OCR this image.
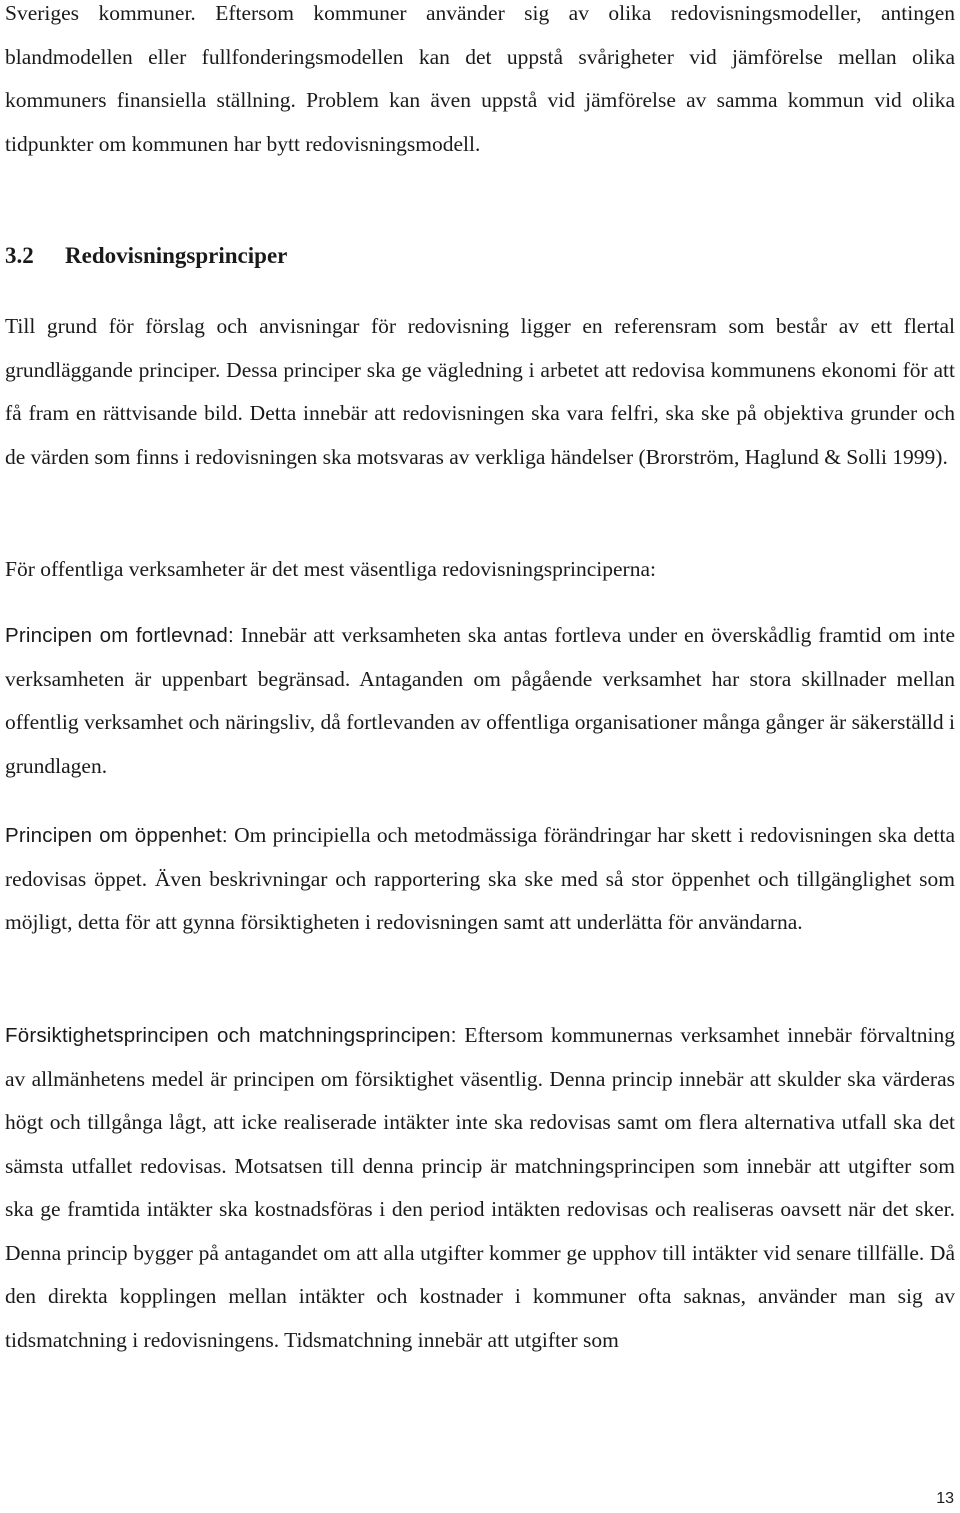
Sveriges kommuner. Eftersom kommuner använder sig av olika redovisningsmodeller, antingen blandmodellen eller fullfonderingsmodellen kan det uppstå svårigheter vid jämförelse mellan olika kommuners finansiella ställning. Problem kan även uppstå vid jämförelse av samma kommun vid olika tidpunkter om kommunen har bytt redovisningsmodell.

3.2 Redovisningsprinciper

Till grund för förslag och anvisningar för redovisning ligger en referensram som består av ett flertal grundläggande principer. Dessa principer ska ge vägledning i arbetet att redovisa kommunens ekonomi för att få fram en rättvisande bild. Detta innebär att redovisningen ska vara felfri, ska ske på objektiva grunder och de värden som finns i redovisningen ska motsvaras av verkliga händelser (Brorström, Haglund & Solli 1999).

För offentliga verksamheter är det mest väsentliga redovisningsprinciperna:

Principen om fortlevnad: Innebär att verksamheten ska antas fortleva under en överskådlig framtid om inte verksamheten är uppenbart begränsad. Antaganden om pågående verksamhet har stora skillnader mellan offentlig verksamhet och näringsliv, då fortlevanden av offentliga organisationer många gånger är säkerställd i grundlagen.

Principen om öppenhet: Om principiella och metodmässiga förändringar har skett i redovisningen ska detta redovisas öppet. Även beskrivningar och rapportering ska ske med så stor öppenhet och tillgänglighet som möjligt, detta för att gynna försiktigheten i redovisningen samt att underlätta för användarna.

Försiktighetsprincipen och matchningsprincipen: Eftersom kommunernas verksamhet innebär förvaltning av allmänhetens medel är principen om försiktighet väsentlig. Denna princip innebär att skulder ska värderas högt och tillgånga lågt, att icke realiserade intäkter inte ska redovisas samt om flera alternativa utfall ska det sämsta utfallet redovisas. Motsatsen till denna princip är matchningsprincipen som innebär att utgifter som ska ge framtida intäkter ska kostnadsföras i den period intäkten redovisas och realiseras oavsett när det sker. Denna princip bygger på antagandet om att alla utgifter kommer ge upphov till intäkter vid senare tillfälle. Då den direkta kopplingen mellan intäkter och kostnader i kommuner ofta saknas, använder man sig av tidsmatchning i redovisningens. Tidsmatchning innebär att utgifter som

13
